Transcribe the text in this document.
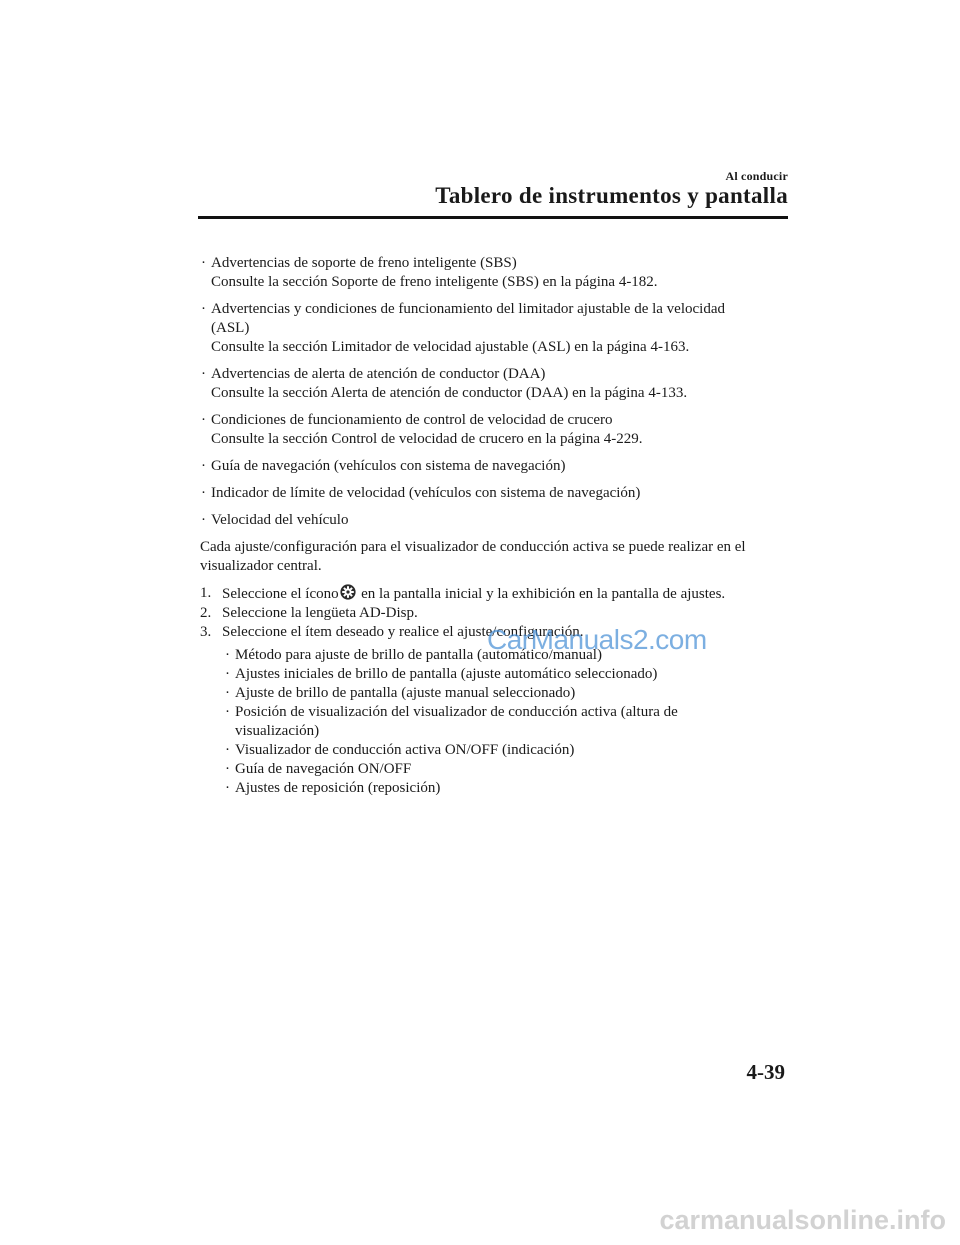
Al conducir
Tablero de instrumentos y pantalla
· Advertencias de soporte de freno inteligente (SBS)
Consulte la sección Soporte de freno inteligente (SBS) en la página 4-182.
· Advertencias y condiciones de funcionamiento del limitador ajustable de la velocidad
(ASL)
Consulte la sección Limitador de velocidad ajustable (ASL) en la página 4-163.
· Advertencias de alerta de atención de conductor (DAA)
Consulte la sección Alerta de atención de conductor (DAA) en la página 4-133.
· Condiciones de funcionamiento de control de velocidad de crucero
Consulte la sección Control de velocidad de crucero en la página 4-229.
· Guía de navegación (vehículos con sistema de navegación)
· Indicador de límite de velocidad (vehículos con sistema de navegación)
· Velocidad del vehículo

Cada ajuste/configuración para el visualizador de conducción activa se puede realizar en el
visualizador central.

1. Seleccione el ícono  en la pantalla inicial y la exhibición en la pantalla de ajustes.
2. Seleccione la lengüeta AD-Disp.
3. Seleccione el ítem deseado y realice el ajuste/configuración.
· Método para ajuste de brillo de pantalla (automático/manual)
· Ajustes iniciales de brillo de pantalla (ajuste automático seleccionado)
· Ajuste de brillo de pantalla (ajuste manual seleccionado)
· Posición de visualización del visualizador de conducción activa (altura de
visualización)
· Visualizador de conducción activa ON/OFF (indicación)
· Guía de navegación ON/OFF
· Ajustes de reposición (reposición)
CarManuals2.com
4-39
carmanualsonline.info
